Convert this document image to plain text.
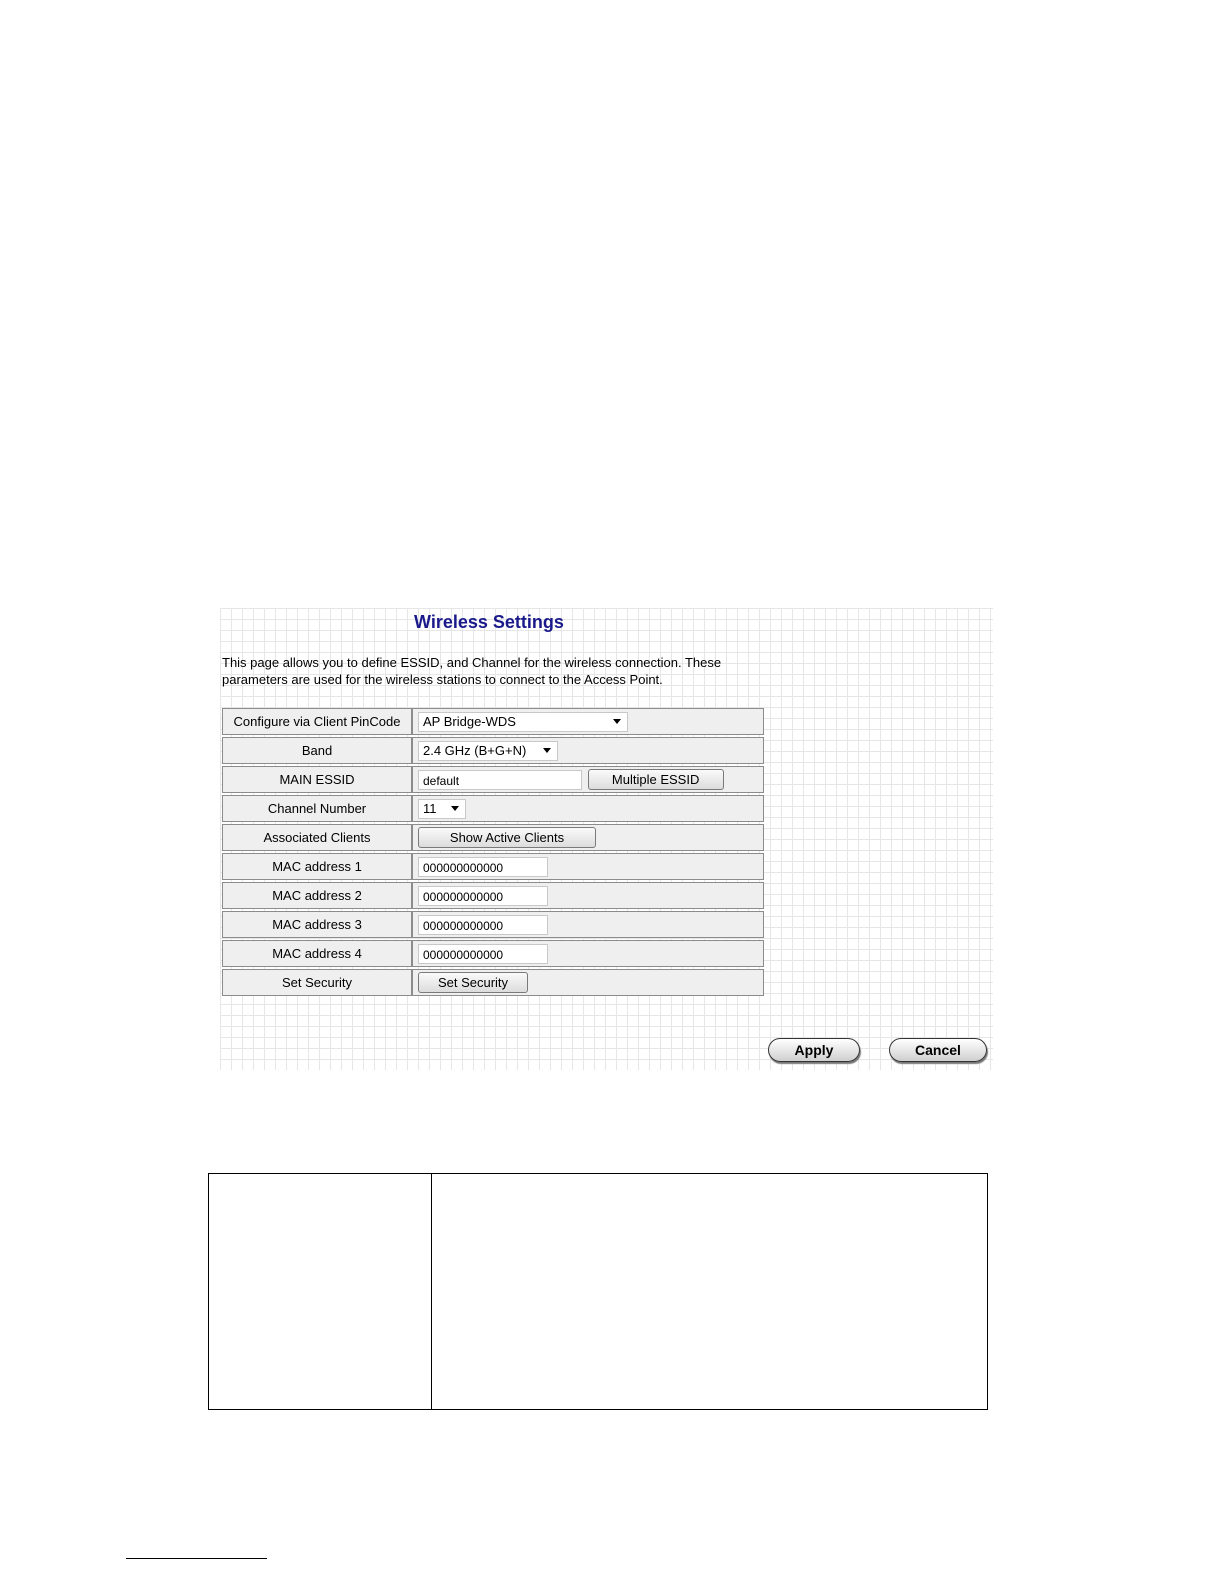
Wireless Settings
This page allows you to define ESSID, and Channel for the wireless connection. These parameters are used for the wireless stations to connect to the Access Point.
Configure via Client PinCode	AP Bridge-WDS

Band	2.4 GHz (B+G+N)

MAIN ESSID	default Multiple ESSID
Channel Number	11

Associated Clients	Show Active Clients
MAC address 1	000000000000
MAC address 2	000000000000
MAC address 3	000000000000
MAC address 4	000000000000
Set Security	Set Security
Apply	Cancel
